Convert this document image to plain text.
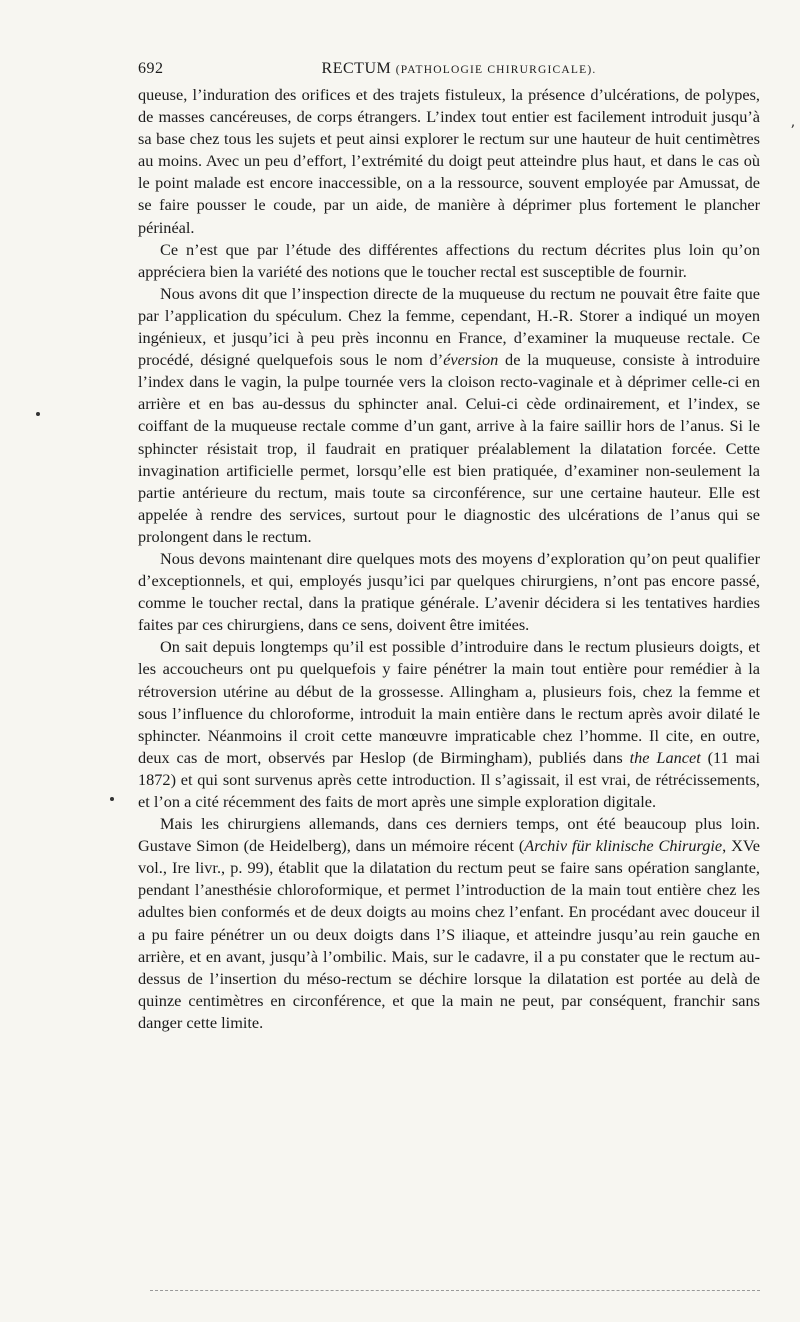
692	RECTUM (PATHOLOGIE CHIRURGICALE).

queuse, l’induration des orifices et des trajets fistuleux, la présence d’ulcérations, de polypes, de masses cancéreuses, de corps étrangers. L’index tout entier est facilement introduit jusqu’à sa base chez tous les sujets et peut ainsi explorer le rectum sur une hauteur de huit centimètres au moins. Avec un peu d’effort, l’extrémité du doigt peut atteindre plus haut, et dans le cas où le point malade est encore inaccessible, on a la ressource, souvent employée par Amussat, de se faire pousser le coude, par un aide, de manière à déprimer plus fortement le plancher périnéal.

Ce n’est que par l’étude des différentes affections du rectum décrites plus loin qu’on appréciera bien la variété des notions que le toucher rectal est susceptible de fournir.

Nous avons dit que l’inspection directe de la muqueuse du rectum ne pouvait être faite que par l’application du spéculum. Chez la femme, cependant, H.-R. Storer a indiqué un moyen ingénieux, et jusqu’ici à peu près inconnu en France, d’examiner la muqueuse rectale. Ce procédé, désigné quelquefois sous le nom d’éversion de la muqueuse, consiste à introduire l’index dans le vagin, la pulpe tournée vers la cloison recto-vaginale et à déprimer celle-ci en arrière et en bas au-dessus du sphincter anal. Celui-ci cède ordinairement, et l’index, se coiffant de la muqueuse rectale comme d’un gant, arrive à la faire saillir hors de l’anus. Si le sphincter résistait trop, il faudrait en pratiquer préalablement la dilatation forcée. Cette invagination artificielle permet, lorsqu’elle est bien pratiquée, d’examiner non-seulement la partie antérieure du rectum, mais toute sa circonférence, sur une certaine hauteur. Elle est appelée à rendre des services, surtout pour le diagnostic des ulcérations de l’anus qui se prolongent dans le rectum.

Nous devons maintenant dire quelques mots des moyens d’exploration qu’on peut qualifier d’exceptionnels, et qui, employés jusqu’ici par quelques chirurgiens, n’ont pas encore passé, comme le toucher rectal, dans la pratique générale. L’avenir décidera si les tentatives hardies faites par ces chirurgiens, dans ce sens, doivent être imitées.

On sait depuis longtemps qu’il est possible d’introduire dans le rectum plusieurs doigts, et les accoucheurs ont pu quelquefois y faire pénétrer la main tout entière pour remédier à la rétroversion utérine au début de la grossesse. Allingham a, plusieurs fois, chez la femme et sous l’influence du chloroforme, introduit la main entière dans le rectum après avoir dilaté le sphincter. Néanmoins il croit cette manœuvre impraticable chez l’homme. Il cite, en outre, deux cas de mort, observés par Heslop (de Birmingham), publiés dans the Lancet (11 mai 1872) et qui sont survenus après cette introduction. Il s’agissait, il est vrai, de rétrécissements, et l’on a cité récemment des faits de mort après une simple exploration digitale.

Mais les chirurgiens allemands, dans ces derniers temps, ont été beaucoup plus loin. Gustave Simon (de Heidelberg), dans un mémoire récent (Archiv für klinische Chirurgie, XVe vol., Ire livr., p. 99), établit que la dilatation du rectum peut se faire sans opération sanglante, pendant l’anesthésie chloroformique, et permet l’introduction de la main tout entière chez les adultes bien conformés et de deux doigts au moins chez l’enfant. En procédant avec douceur il a pu faire pénétrer un ou deux doigts dans l’S iliaque, et atteindre jusqu’au rein gauche en arrière, et en avant, jusqu’à l’ombilic. Mais, sur le cadavre, il a pu constater que le rectum au-dessus de l’insertion du méso-rectum se déchire lorsque la dilatation est portée au delà de quinze centimètres en circonférence, et que la main ne peut, par conséquent, franchir sans danger cette limite.

’
